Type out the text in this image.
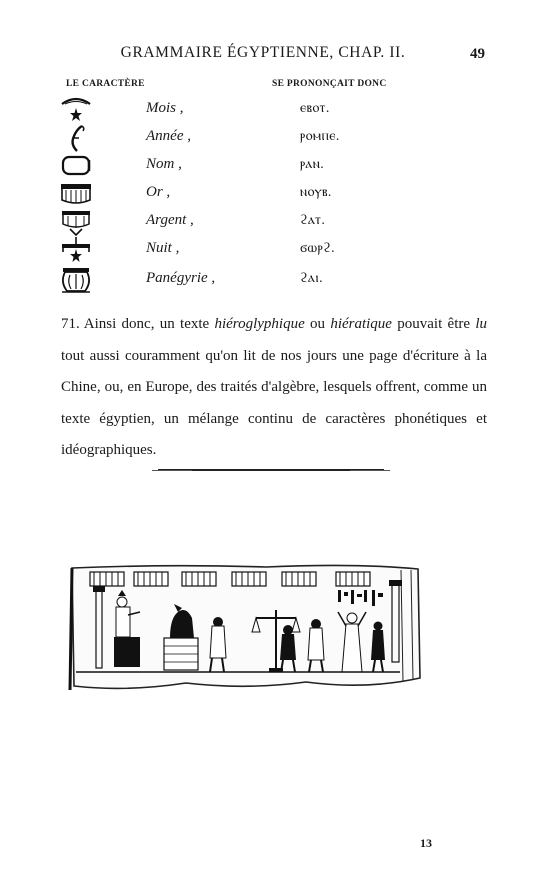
GRAMMAIRE ÉGYPTIENNE, CHAP. II.	49
LE CARACTÈRE	SE PRONONÇAIT DONC
Mois ,	ⲉⲃⲟⲧ.
Année ,	ⲣⲟⲙⲡⲉ.
Nom ,	ⲣⲁⲛ.
Or ,	ⲛⲟⲩⲃ.
Argent ,	ϩⲁⲧ.
Nuit ,	ϭⲱⲣϩ.
Panégyrie ,	ϩⲁⲓ.
71. Ainsi donc, un texte hiéroglyphique ou hiératique pouvait être lu tout aussi couramment qu'on lit de nos jours une page d'écriture à la Chine, ou, en Europe, des traités d'algèbre, lesquels offrent, comme un texte égyptien, un mélange continu de caractères phonétiques et idéographiques.
13
